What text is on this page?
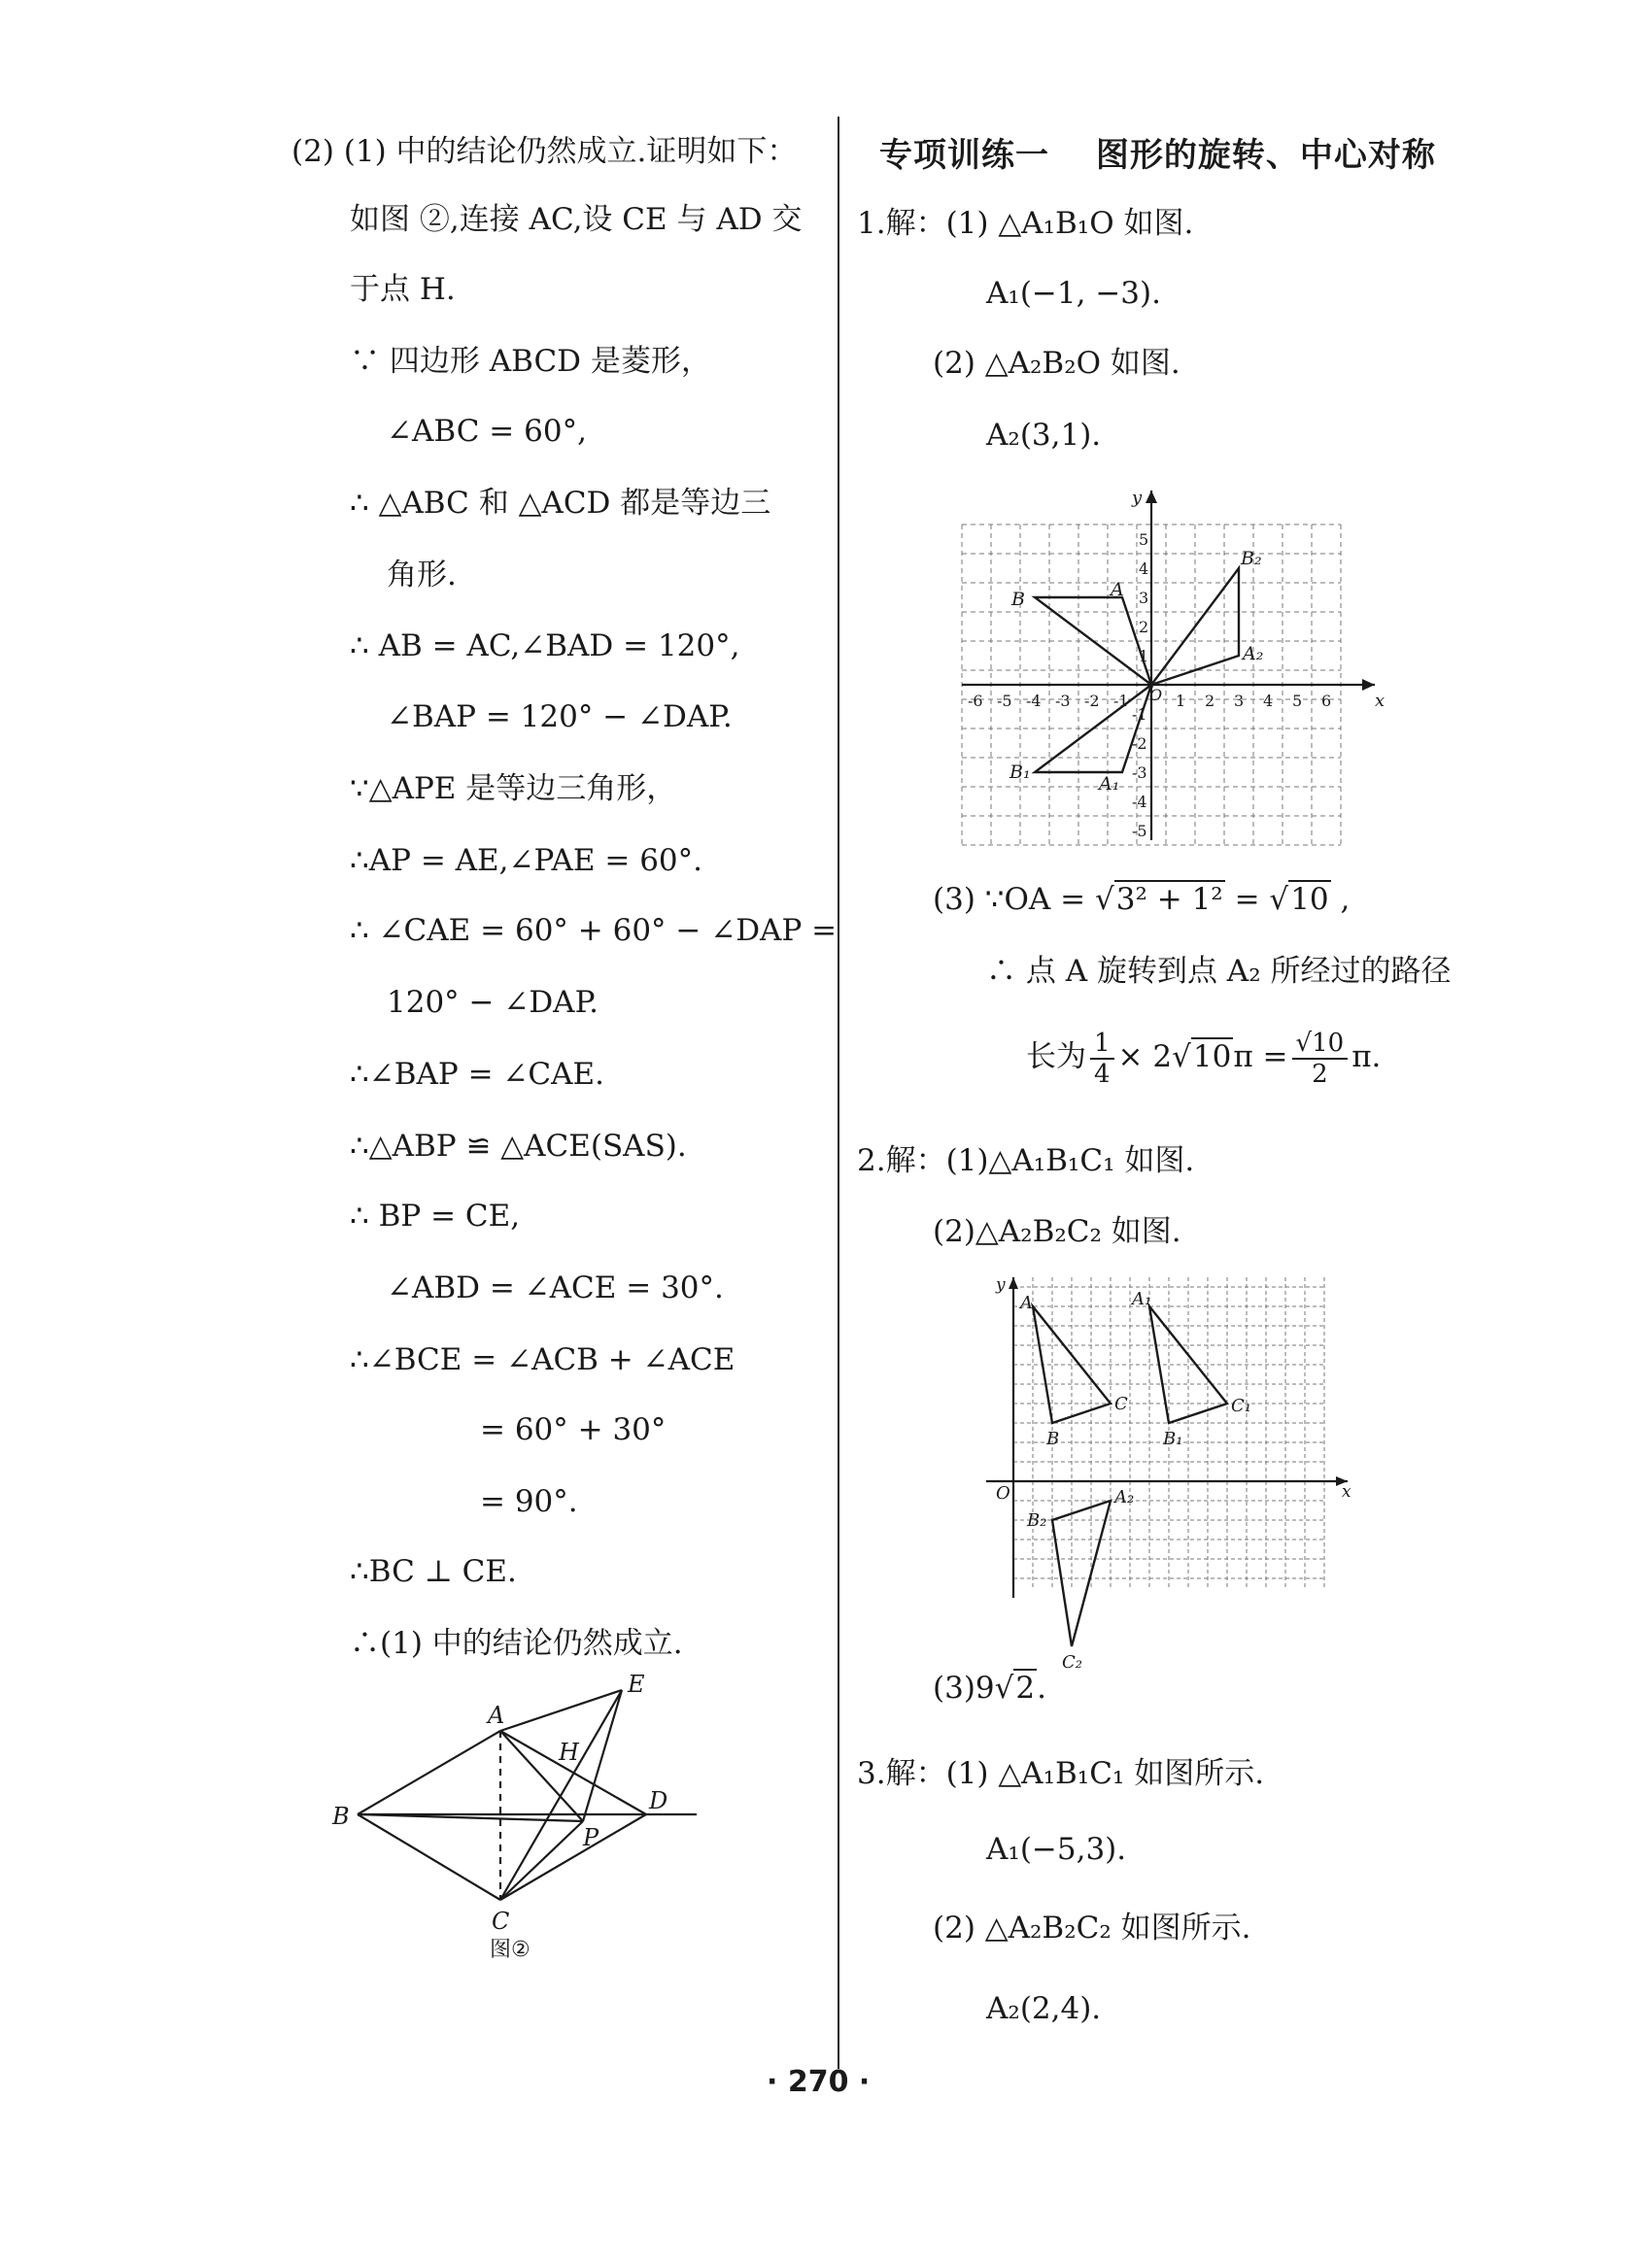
(2) (1) 中的结论仍然成立.证明如下：
如图 ②,连接 AC,设 CE 与 AD 交
于点 H.
∵ 四边形 ABCD 是菱形，
∠ABC = 60°,
∴ △ABC 和 △ACD 都是等边三
角形.
∴ AB = AC,∠BAD = 120°,
∠BAP = 120° − ∠DAP.
∵△APE 是等边三角形，
∴AP = AE,∠PAE = 60°.
∴ ∠CAE = 60° + 60° − ∠DAP =
120° − ∠DAP.
∴∠BAP = ∠CAE.
∴△ABP ≌ △ACE(SAS).
∴ BP = CE,
∠ABD = ∠ACE = 30°.
∴∠BCE = ∠ACB + ∠ACE
= 60° + 30°
= 90°.
∴BC ⊥ CE.
∴(1) 中的结论仍然成立.
A
B
C
D
E
H
P
图②
专项训练一　 图形的旋转、中心对称
1.解：(1) △A₁B₁O 如图.
A₁(−1, −3).
(2) △A₂B₂O 如图.
A₂(3,1).
x
y
O
-6 -5 -4 -3 -2 -1	1 2 3 4 5 6
5
4
3
2
1
-1
-2
-3
-4
-5
B	A
B₁
A₁
A₂
B₂
(3) ∵OA = √3² + 1² = √10 ,
∴ 点 A 旋转到点 A₂ 所经过的路径
长为 $\frac{1}{4} \times 2√10\pi = \frac{√10}{2} \pi$.
2.解：(1)△A₁B₁C₁ 如图.
(2)△A₂B₂C₂ 如图.
x
y
O
A
B
C
A₁
B₁
C₁
A₂
B₂
C₂
(3)9√2.
3.解：(1) △A₁B₁C₁ 如图所示.
A₁(−5,3).
(2) △A₂B₂C₂ 如图所示.
A₂(2,4).
· 270 ·
